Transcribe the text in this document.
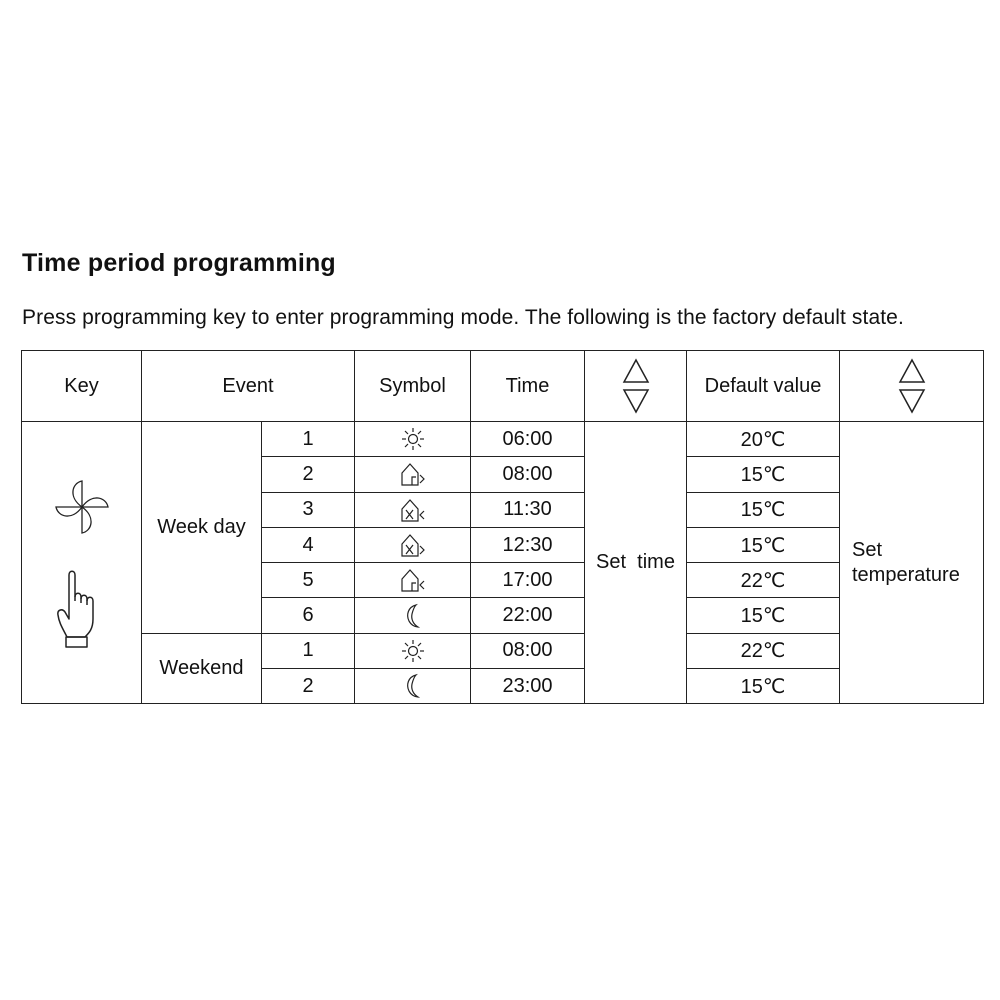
Time period programming
Press programming key to enter programming mode. The following is the factory default state.
Key	Event		Symbol	Time		Default value	

	Week day	1		06:00	Set  time	20℃	Set
temperature
		2		08:00		15℃	
		3		11:30		15℃	
		4		12:30		15℃	
		5		17:00		22℃	
		6		22:00		15℃	
	Weekend	1		08:00		22℃	
		2		23:00		15℃	
